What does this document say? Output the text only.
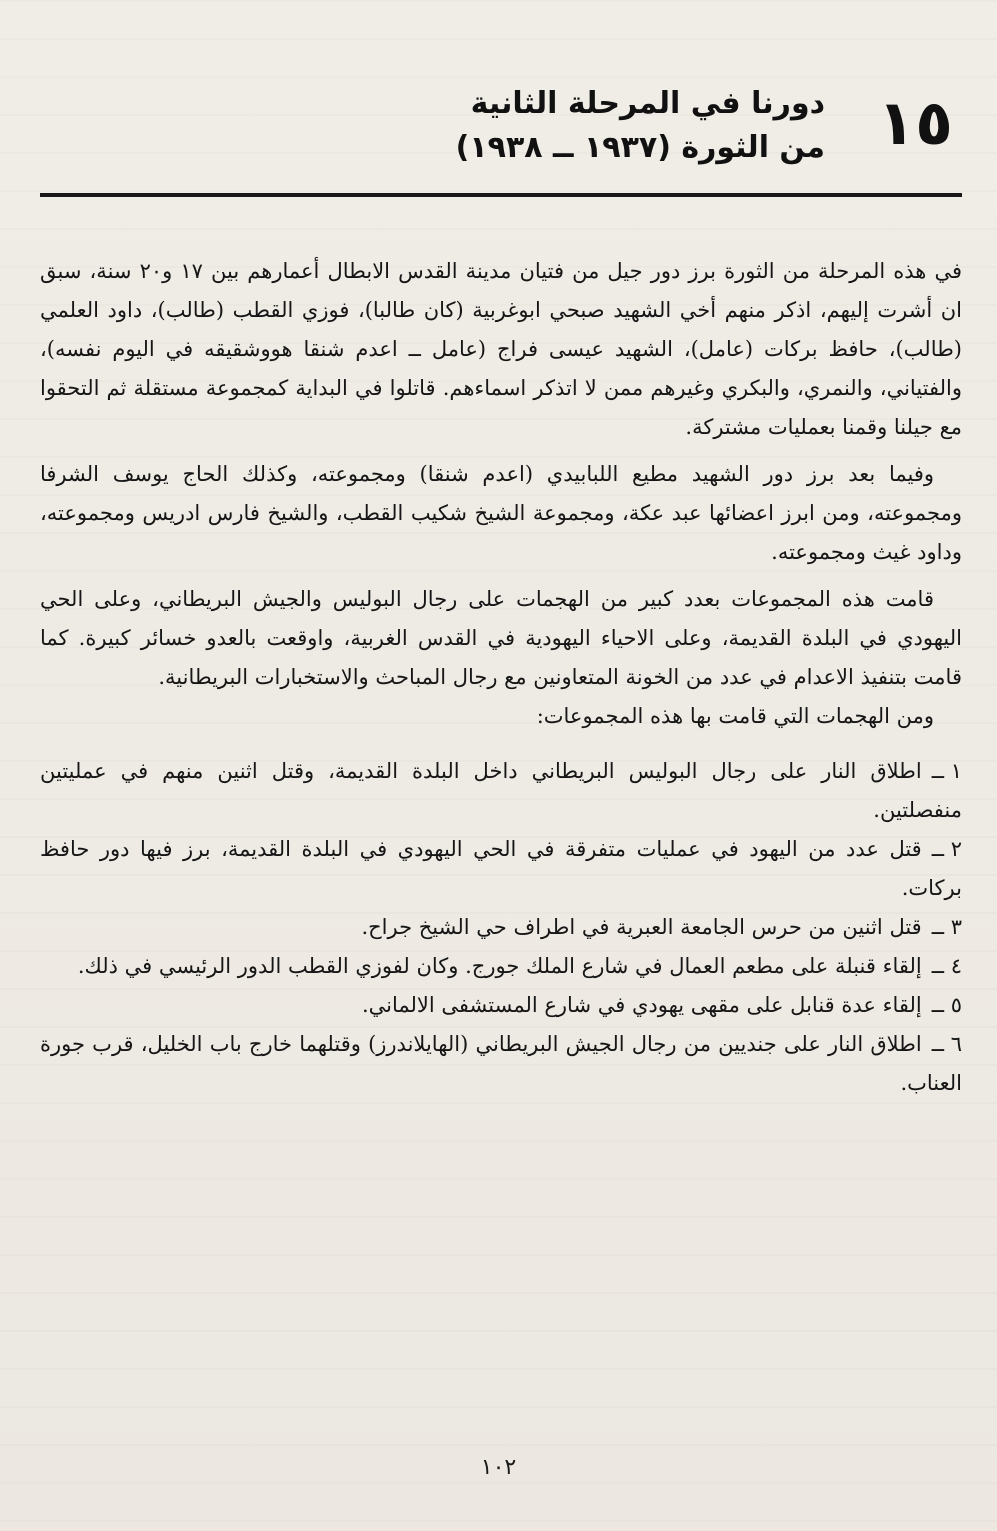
١٥
دورنا في المرحلة الثانية
من الثورة (١٩٣٧ ــ ١٩٣٨)

في هذه المرحلة من الثورة برز دور جيل من فتيان مدينة القدس الابطال أعمارهم بين ١٧ و٢٠ سنة، سبق ان أشرت إليهم، اذكر منهم أخي الشهيد صبحي ابوغربية (كان طالبا)، فوزي القطب (طالب)، داود العلمي (طالب)، حافظ بركات (عامل)، الشهيد عيسى فراج (عامل ــ اعدم شنقا هووشقيقه في اليوم نفسه)، والفتياني، والنمري، والبكري وغيرهم ممن لا اتذكر اسماءهم. قاتلوا في البداية كمجموعة مستقلة ثم التحقوا مع جيلنا وقمنا بعمليات مشتركة.

وفيما بعد برز دور الشهيد مطيع اللبابيدي (اعدم شنقا) ومجموعته، وكذلك الحاج يوسف الشرفا ومجموعته، ومن ابرز اعضائها عبد عكة، ومجموعة الشيخ شكيب القطب، والشيخ فارس ادريس ومجموعته، وداود غيث ومجموعته.

قامت هذه المجموعات بعدد كبير من الهجمات على رجال البوليس والجيش البريطاني، وعلى الحي اليهودي في البلدة القديمة، وعلى الاحياء اليهودية في القدس الغربية، واوقعت بالعدو خسائر كبيرة. كما قامت بتنفيذ الاعدام في عدد من الخونة المتعاونين مع رجال المباحث والاستخبارات البريطانية.

ومن الهجمات التي قامت بها هذه المجموعات:

١ ــاطلاق النار على رجال البوليس البريطاني داخل البلدة القديمة، وقتل اثنين منهم في عمليتين منفصلتين.
٢ ــقتل عدد من اليهود في عمليات متفرقة في الحي اليهودي في البلدة القديمة، برز فيها دور حافظ بركات.
٣ ــقتل اثنين من حرس الجامعة العبرية في اطراف حي الشيخ جراح.
٤ ــإلقاء قنبلة على مطعم العمال في شارع الملك جورج. وكان لفوزي القطب الدور الرئيسي في ذلك.
٥ ــإلقاء عدة قنابل على مقهى يهودي في شارع المستشفى الالماني.
٦ ــاطلاق النار على جنديين من رجال الجيش البريطاني (الهايلاندرز) وقتلهما خارج باب الخليل، قرب جورة العناب.
١٠٢
